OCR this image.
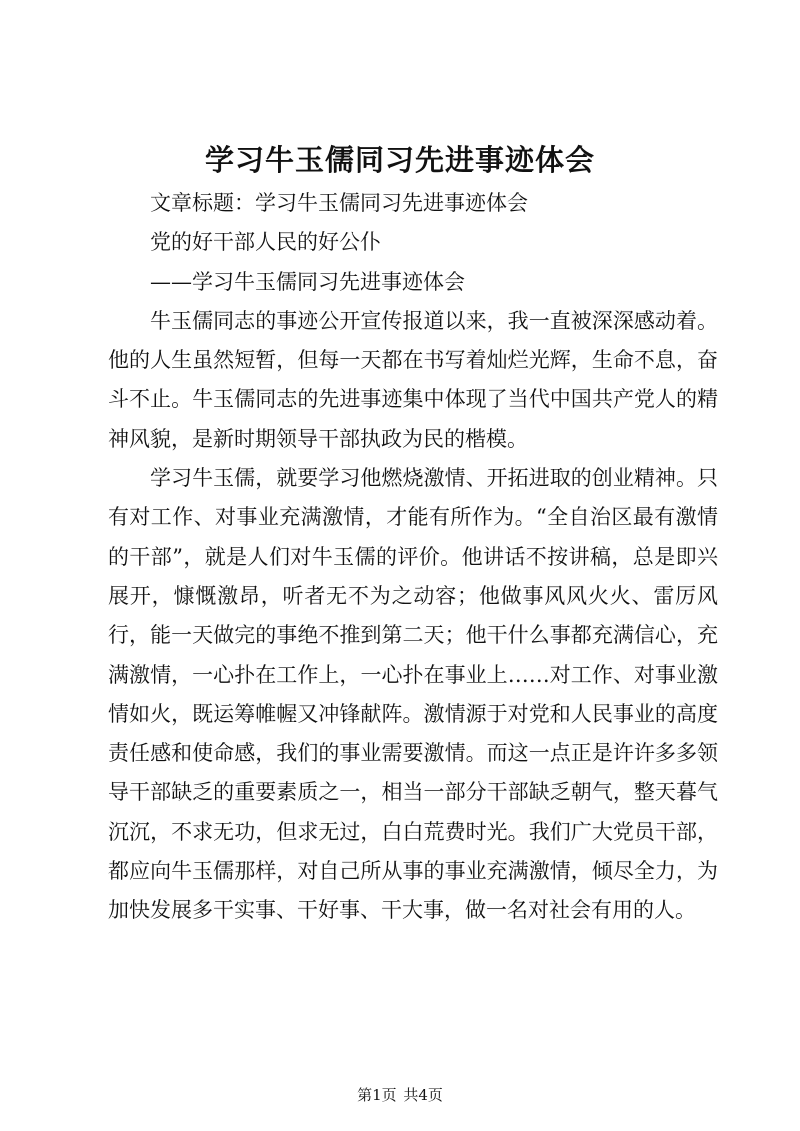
学习牛玉儒同习先进事迹体会

文章标题：学习牛玉儒同习先进事迹体会

党的好干部人民的好公仆

——学习牛玉儒同习先进事迹体会

牛玉儒同志的事迹公开宣传报道以来，我一直被深深感动着。他的人生虽然短暂，但每一天都在书写着灿烂光辉，生命不息，奋斗不止。牛玉儒同志的先进事迹集中体现了当代中国共产党人的精神风貌，是新时期领导干部执政为民的楷模。

学习牛玉儒，就要学习他燃烧激情、开拓进取的创业精神。只有对工作、对事业充满激情，才能有所作为。“全自治区最有激情的干部”，就是人们对牛玉儒的评价。他讲话不按讲稿，总是即兴展开，慷慨激昂，听者无不为之动容；他做事风风火火、雷厉风行，能一天做完的事绝不推到第二天；他干什么事都充满信心，充满激情，一心扑在工作上，一心扑在事业上……对工作、对事业激情如火，既运筹帷幄又冲锋献阵。激情源于对党和人民事业的高度责任感和使命感，我们的事业需要激情。而这一点正是许许多多领导干部缺乏的重要素质之一，相当一部分干部缺乏朝气，整天暮气沉沉，不求无功，但求无过，白白荒费时光。我们广大党员干部，都应向牛玉儒那样，对自己所从事的事业充满激情，倾尽全力，为加快发展多干实事、干好事、干大事，做一名对社会有用的人。

第1页 共4页
